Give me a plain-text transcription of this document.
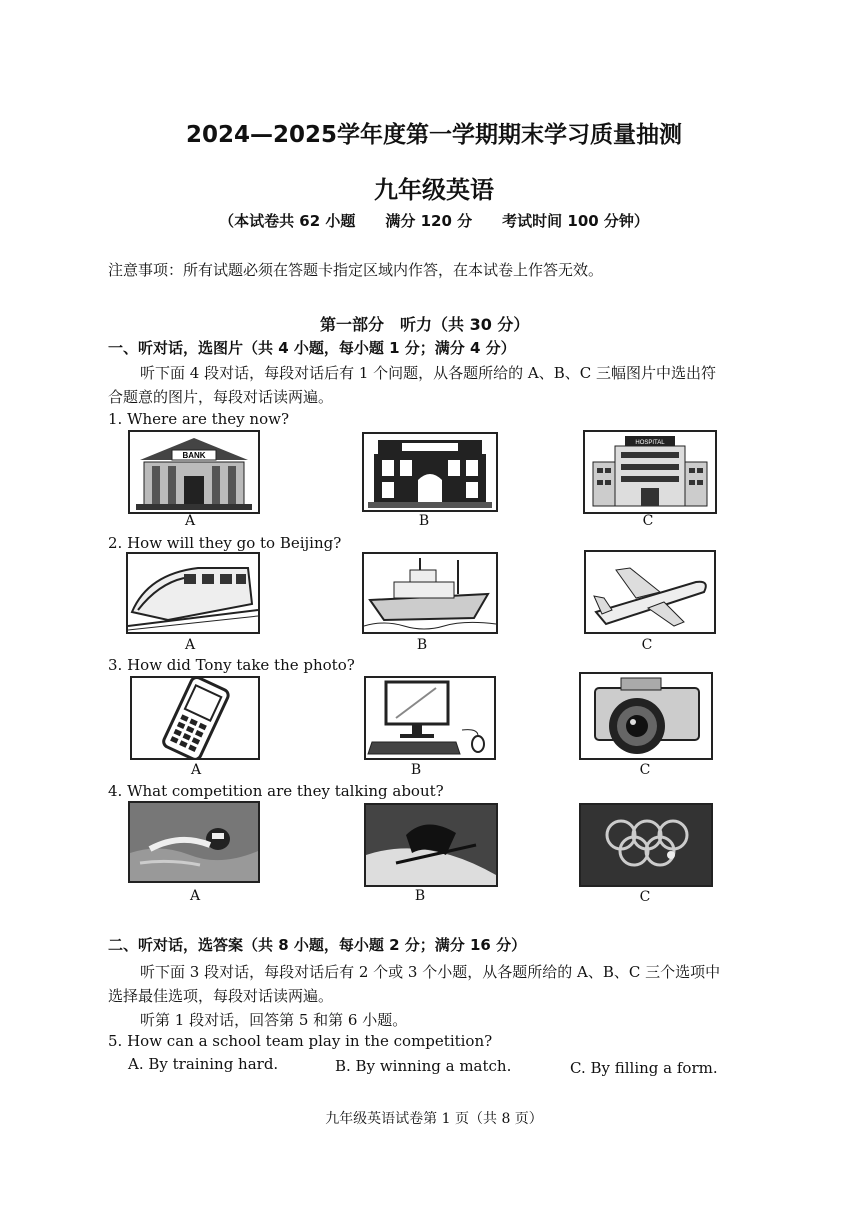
2024—2025学年度第一学期期末学习质量抽测
九年级英语
（本试卷共 62 小题　　满分 120 分　　考试时间 100 分钟）
注意事项：所有试题必须在答题卡指定区域内作答，在本试卷上作答无效。
第一部分　听力（共 30 分）
一、听对话，选图片（共 4 小题，每小题 1 分；满分 4 分）
听下面 4 段对话，每段对话后有 1 个问题，从各题所给的 A、B、C 三幅图片中选出符
合题意的图片，每段对话读两遍。
1. Where are they now?
BANK
HOSPITAL
A	B	C
2. How will they go to Beijing?
A	B	C
3. How did Tony take the photo?
A	B	C
4. What competition are they talking about?
A	B	C
二、听对话，选答案（共 8 小题，每小题 2 分；满分 16 分）
听下面 3 段对话，每段对话后有 2 个或 3 个小题，从各题所给的 A、B、C 三个选项中
选择最佳选项，每段对话读两遍。
听第 1 段对话，回答第 5 和第 6 小题。
5. How can a school team play in the competition?
A. By training hard.	B. By winning a match.	C. By filling a form.
九年级英语试卷第 1 页（共 8 页）
